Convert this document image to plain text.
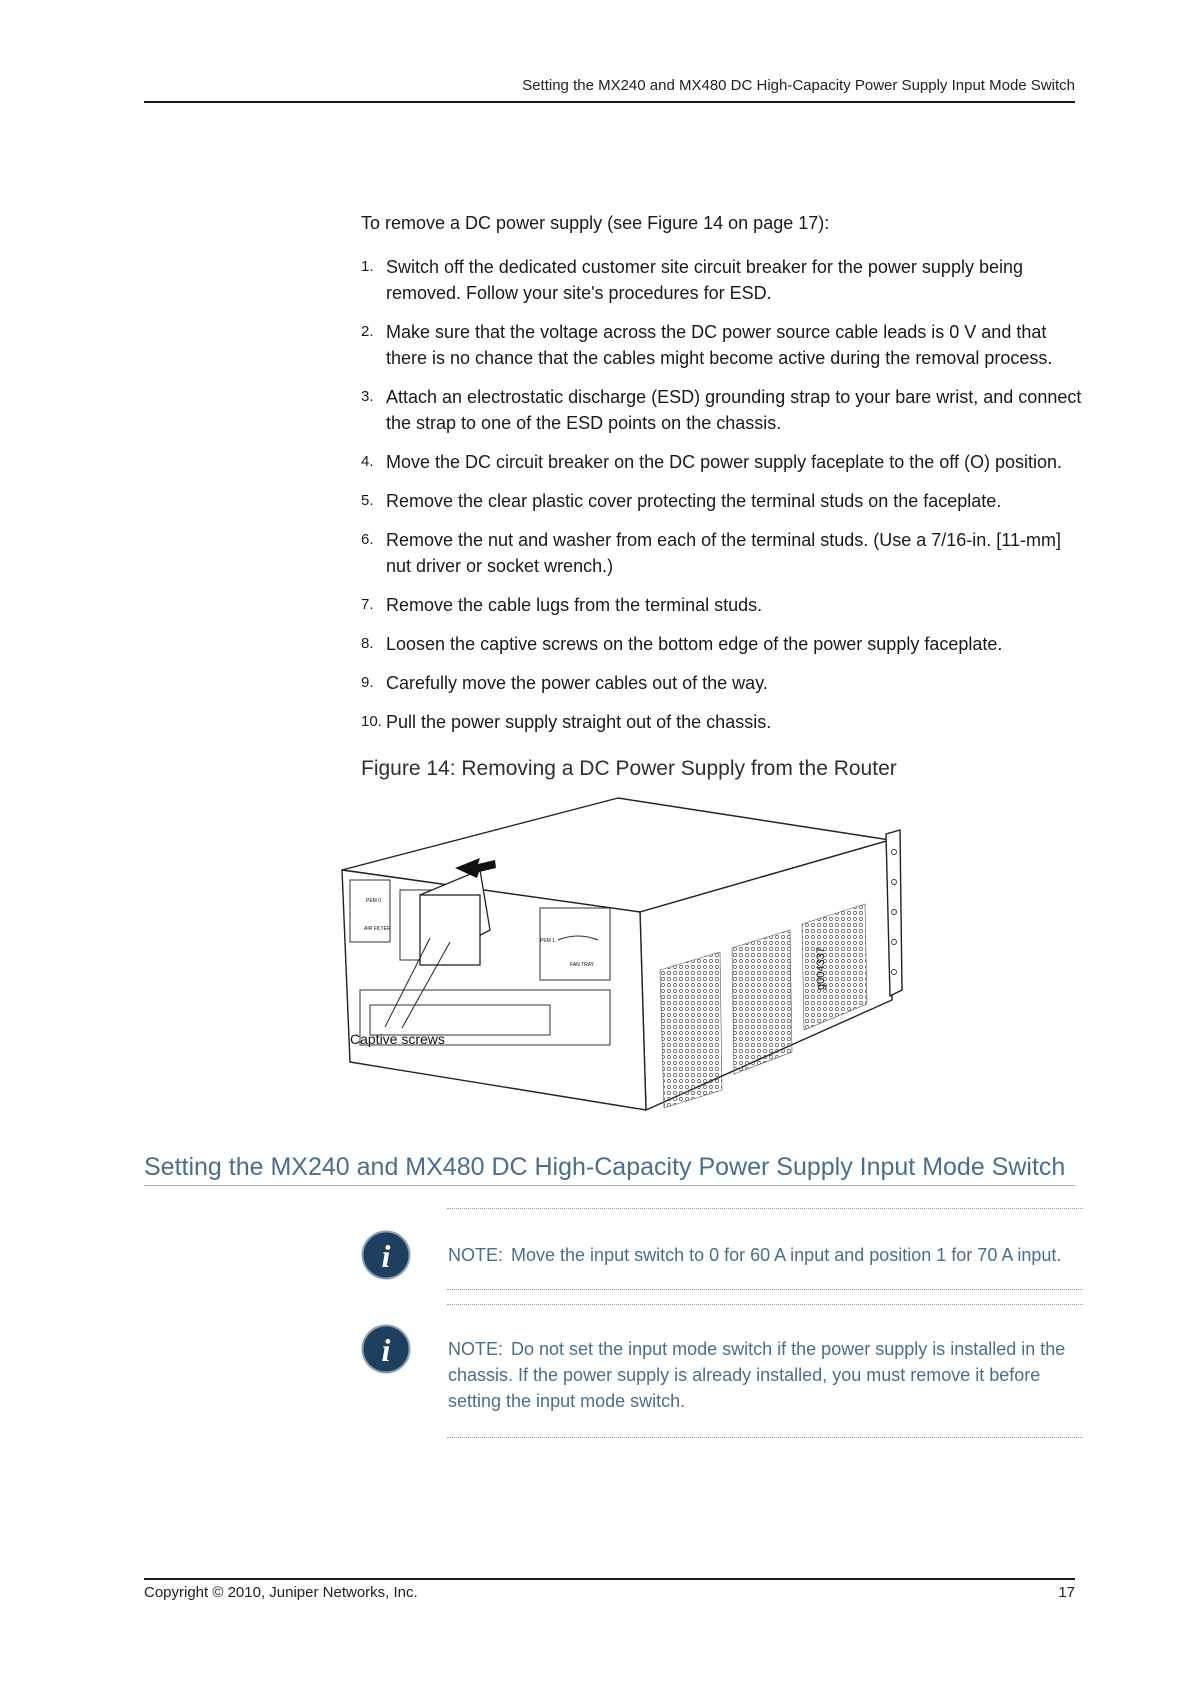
Setting the MX240 and MX480 DC High-Capacity Power Supply Input Mode Switch
To remove a DC power supply (see Figure 14 on page 17):
1. Switch off the dedicated customer site circuit breaker for the power supply being removed. Follow your site's procedures for ESD.
2. Make sure that the voltage across the DC power source cable leads is 0 V and that there is no chance that the cables might become active during the removal process.
3. Attach an electrostatic discharge (ESD) grounding strap to your bare wrist, and connect the strap to one of the ESD points on the chassis.
4. Move the DC circuit breaker on the DC power supply faceplate to the off (O) position.
5. Remove the clear plastic cover protecting the terminal studs on the faceplate.
6. Remove the nut and washer from each of the terminal studs. (Use a 7/16-in. [11-mm] nut driver or socket wrench.)
7. Remove the cable lugs from the terminal studs.
8. Loosen the captive screws on the bottom edge of the power supply faceplate.
9. Carefully move the power cables out of the way.
10. Pull the power supply straight out of the chassis.
Figure 14: Removing a DC Power Supply from the Router
Captive screws
g004337
PEM 0
PEM 1
AIR FILTER
FAN TRAY
Setting the MX240 and MX480 DC High-Capacity Power Supply Input Mode Switch
i	NOTE: Move the input switch to 0 for 60 A input and position 1 for 70 A input.
i	NOTE: Do not set the input mode switch if the power supply is installed in the chassis. If the power supply is already installed, you must remove it before setting the input mode switch.
Copyright © 2010, Juniper Networks, Inc.	17
